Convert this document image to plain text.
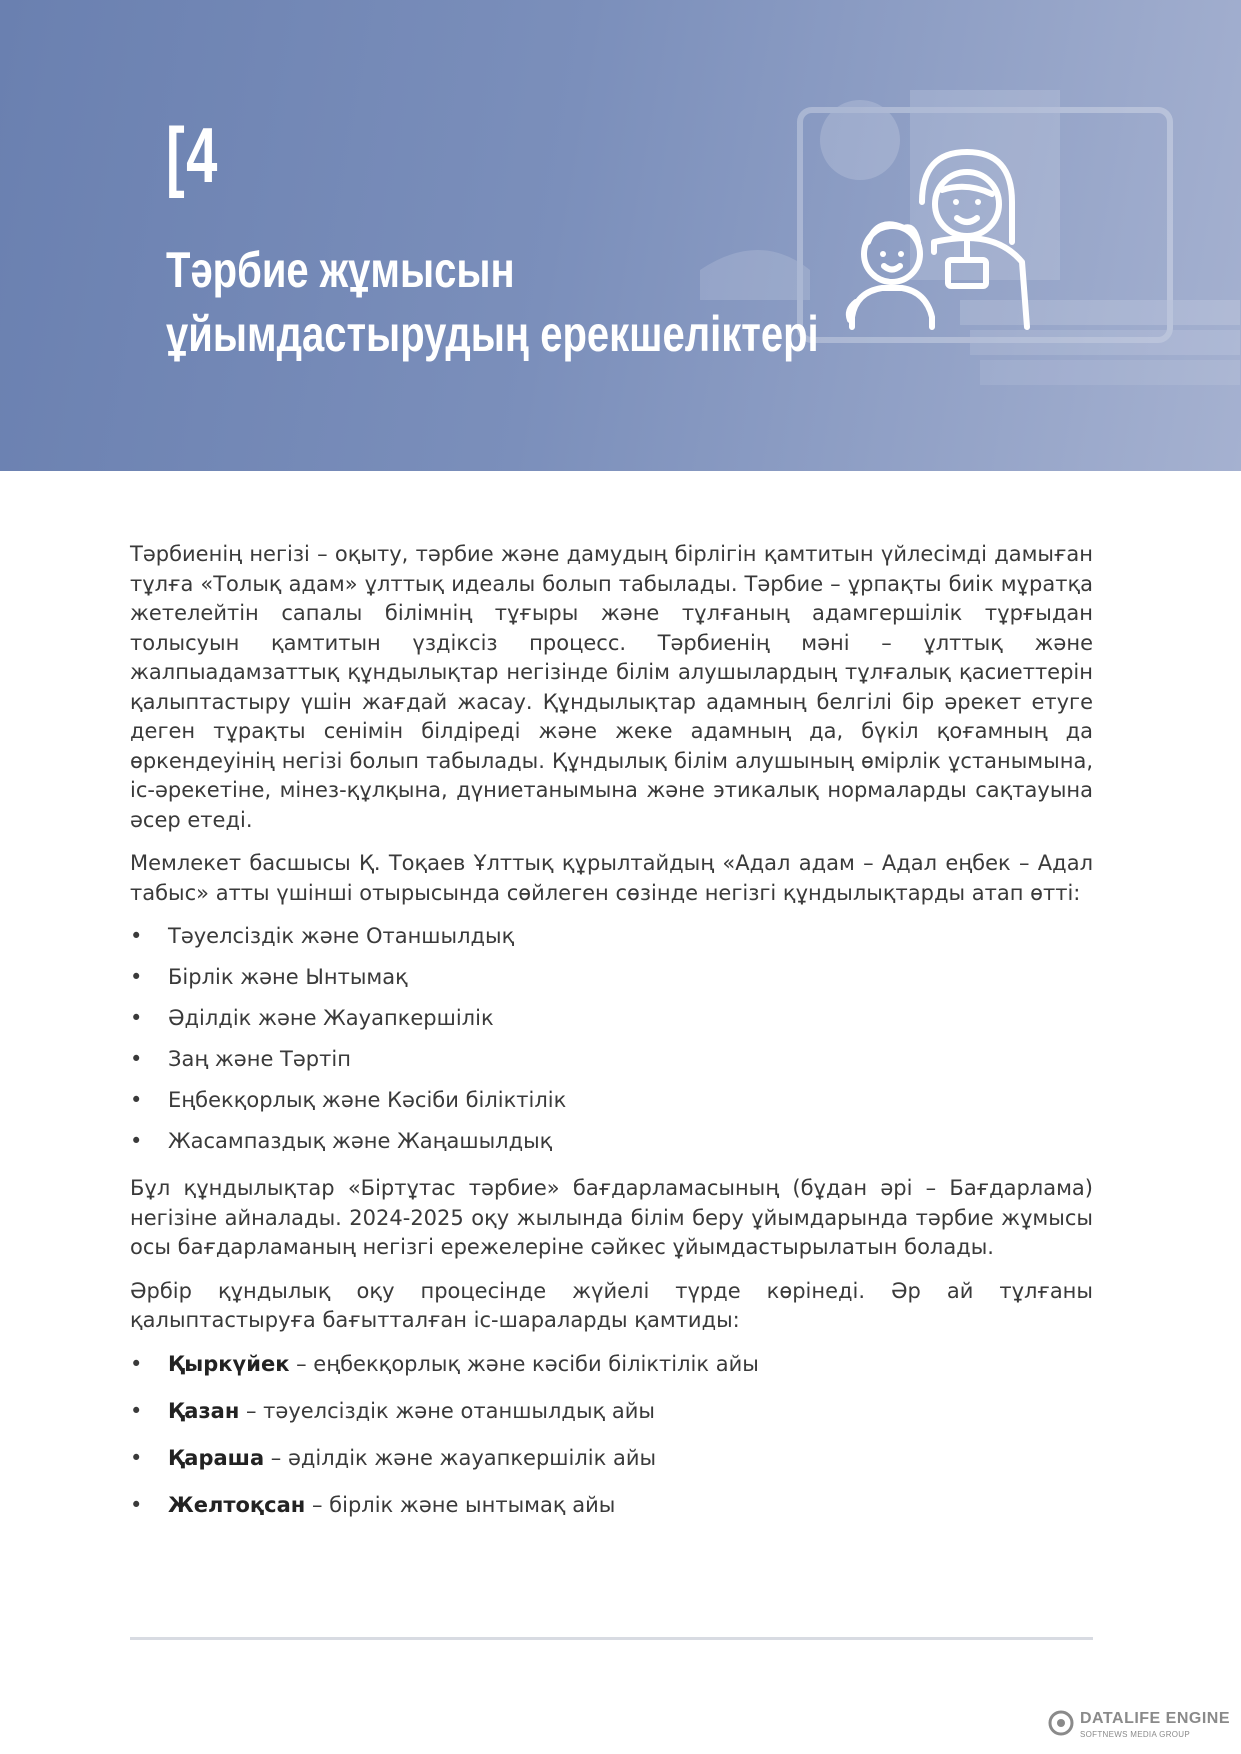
[4
Тәрбие жұмысын
ұйымдастырудың ерекшеліктері

Тәрбиенің негізі – оқыту, тәрбие және дамудың бірлігін қамтитын үйлесімді дамыған тұлға «Толық адам» ұлттық идеалы болып табылады. Тәрбие – ұрпақты биік мұратқа жетелейтін сапалы білімнің тұғыры және тұлғаның адамгершілік тұрғыдан толысуын қамтитын үздіксіз процесс. Тәрбиенің мәні – ұлттық және жалпыадамзаттық құндылықтар негізінде білім алушылардың тұлғалық қасиеттерін қалыптастыру үшін жағдай жасау. Құндылықтар адамның белгілі бір әрекет етуге деген тұрақты сенімін білдіреді және жеке адамның да, бүкіл қоғамның да өркендеуінің негізі болып табылады. Құндылық білім алушының өмірлік ұстанымына, іс-әрекетіне, мінез-құлқына, дүниетанымына және этикалық нормаларды сақтауына әсер етеді.

Мемлекет басшысы Қ. Тоқаев Ұлттық құрылтайдың «Адал адам – Адал еңбек – Адал табыс» атты үшінші отырысында сөйлеген сөзінде негізгі құндылықтарды атап өтті:

• Тәуелсіздік және Отаншылдық
• Бірлік және Ынтымақ
• Әділдік және Жауапкершілік
• Заң және Тәртіп
• Еңбекқорлық және Кәсіби біліктілік
• Жасампаздық және Жаңашылдық

Бұл құндылықтар «Біртұтас тәрбие» бағдарламасының (бұдан әрі – Бағдарлама) негізіне айналады. 2024-2025 оқу жылында білім беру ұйымдарында тәрбие жұмысы осы бағдарламаның негізгі ережелеріне сәйкес ұйымдастырылатын болады.

Әрбір құндылық оқу процесінде жүйелі түрде көрінеді. Әр ай тұлғаны қалыптастыруға бағытталған іс-шараларды қамтиды:

• Қыркүйек – еңбекқорлық және кәсіби біліктілік айы
• Қазан – тәуелсіздік және отаншылдық айы
• Қараша – әділдік және жауапкершілік айы
• Желтоқсан – бірлік және ынтымақ айы
DATALIFE ENGINE
SOFTNEWS MEDIA GROUP
